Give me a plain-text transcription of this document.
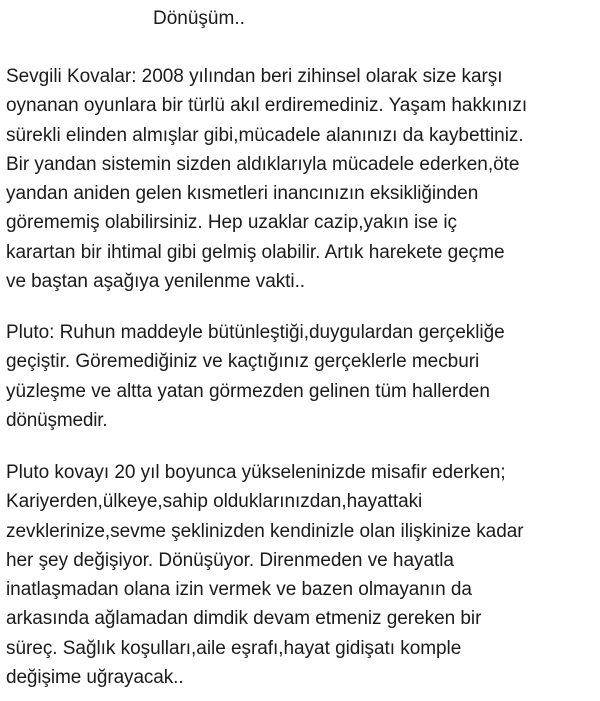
Dönüşüm..
Sevgili Kovalar: 2008 yılından beri zihinsel olarak size karşı
oynanan oyunlara bir türlü akıl erdiremediniz. Yaşam hakkınızı
sürekli elinden almışlar gibi,mücadele alanınızı da kaybettiniz.
Bir yandan sistemin sizden aldıklarıyla mücadele ederken,öte
yandan aniden gelen kısmetleri inancınızın eksikliğinden
görememiş olabilirsiniz. Hep uzaklar cazip,yakın ise iç
karartan bir ihtimal gibi gelmiş olabilir. Artık harekete geçme
ve baştan aşağıya yenilenme vakti..
Pluto: Ruhun maddeyle bütünleştiği,duygulardan gerçekliğe
geçiştir. Göremediğiniz ve kaçtığınız gerçeklerle mecburi
yüzleşme ve altta yatan görmezden gelinen tüm hallerden
dönüşmedir.
Pluto kovayı 20 yıl boyunca yükseleninizde misafir ederken;
Kariyerden,ülkeye,sahip olduklarınızdan,hayattaki
zevklerinize,sevme şeklinizden kendinizle olan ilişkinize kadar
her şey değişiyor. Dönüşüyor. Direnmeden ve hayatla
inatlaşmadan olana izin vermek ve bazen olmayanın da
arkasında ağlamadan dimdik devam etmeniz gereken bir
süreç. Sağlık koşulları,aile eşrafı,hayat gidişatı komple
değişime uğrayacak..
